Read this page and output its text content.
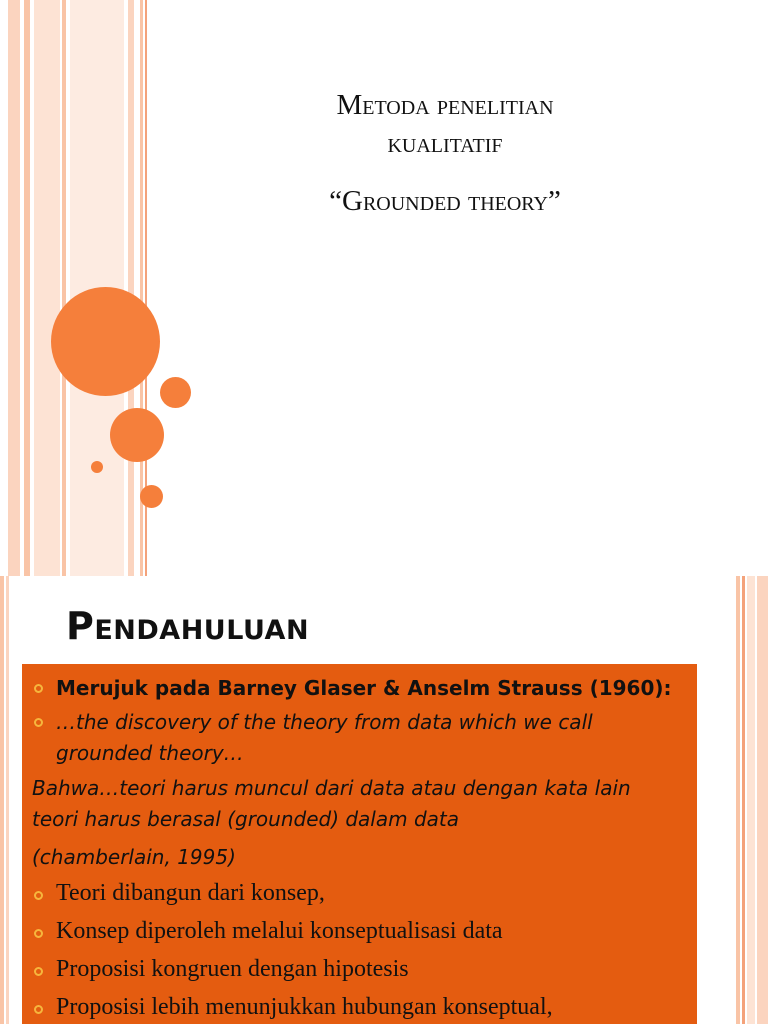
Metoda penelitian
kualitatif
“Grounded theory”
Pendahuluan
Merujuk pada Barney Glaser & Anselm Strauss (1960):
…the discovery of the theory from data which we call
grounded theory…
Bahwa…teori harus muncul dari data atau dengan kata lain
teori harus berasal (grounded) dalam data
(chamberlain, 1995)
Teori dibangun dari konsep,
Konsep diperoleh melalui konseptualisasi data
Proposisi kongruen dengan hipotesis
Proposisi lebih menunjukkan hubungan konseptual,
